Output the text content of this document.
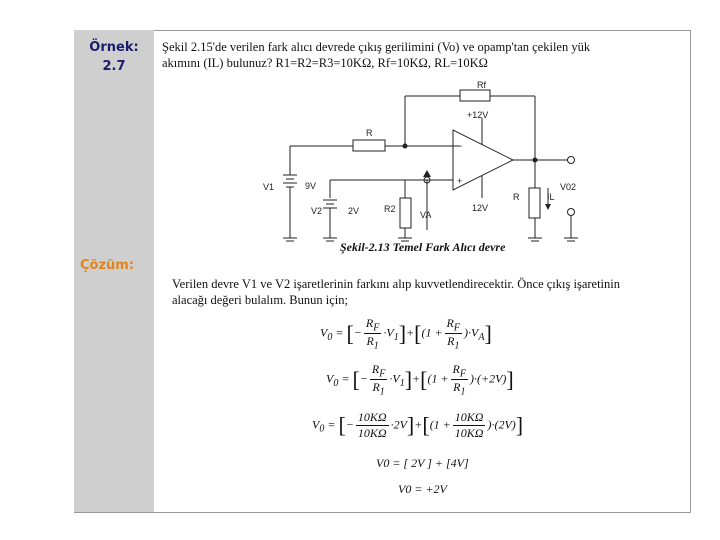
Örnek:
2.7
Şekil 2.15'de verilen fark alıcı devrede çıkış gerilimini (Vo) ve opamp'tan çekilen yük
akımını (IL) bulunuz? R1=R2=R3=10KΩ, Rf=10KΩ, RL=10KΩ
Rf
R
+12V
12V
−
+
V1	9V
V2	2V	R2
VA
R	IL
V02
Şekil-2.13 Temel Fark Alıcı devre
Çözüm:
Verilen devre V1 ve V2 işaretlerinin farkını alıp kuvvetlendirecektir. Önce çıkış işaretinin
alacağı değeri bulalım. Bunun için;
$V_0$ = [− $\frac{R_F}{R_1} \cdot V_1]+[(1 + \frac{R_F}{R_1} )\cdot V_A]$
$V_0$ = [− $\frac{R_F}{R_1} \cdot V_1]+[(1 + \frac{R_F}{R_1} )\cdot(+2V)]$
$V_0$ = [− $\frac{10K\Omega}{10K\Omega} \cdot 2V]+[(1 + \frac{10K\Omega}{10K\Omega} )\cdot(2V)]$
V0 = [ 2V ] + [4V]
V0 = +2V
